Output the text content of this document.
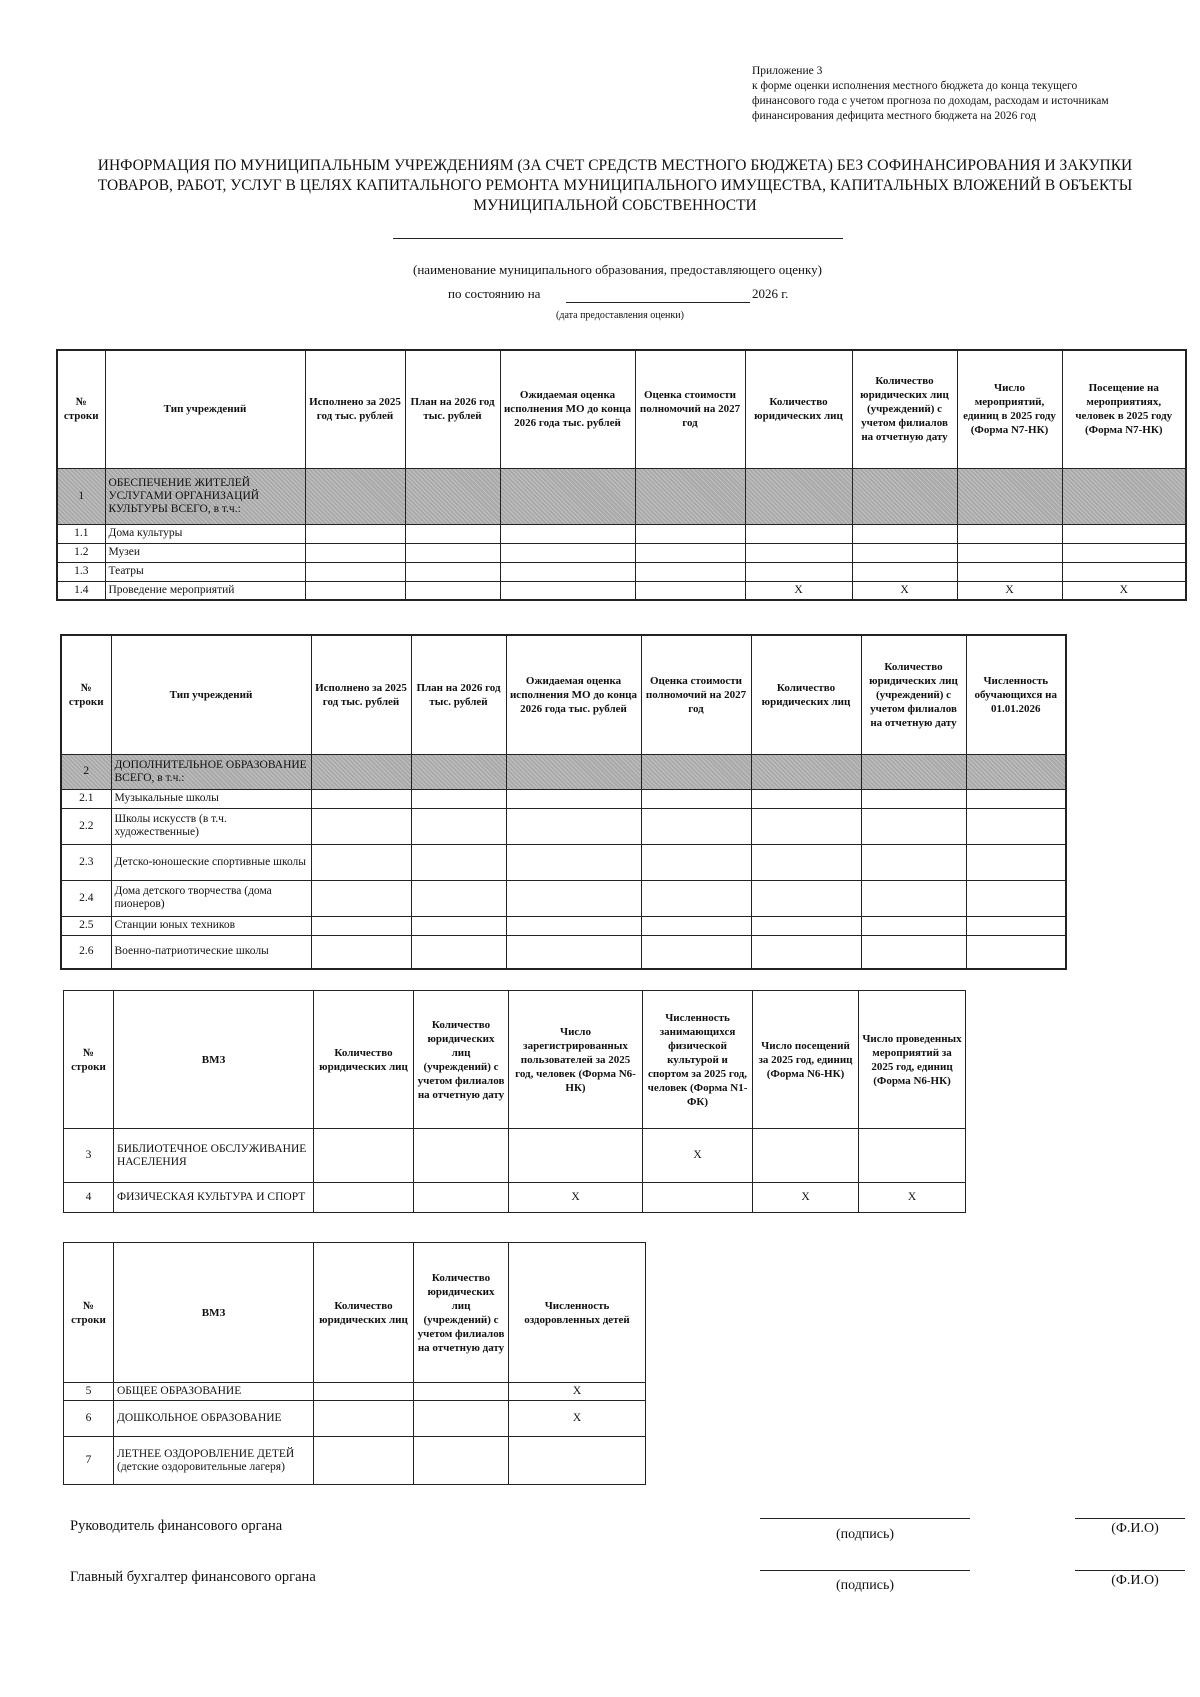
Приложение 3
к форме оценки исполнения местного бюджета до конца текущего
финансового года с учетом прогноза по доходам, расходам и источникам
финансирования дефицита местного бюджета на 2026 год
ИНФОРМАЦИЯ ПО МУНИЦИПАЛЬНЫМ УЧРЕЖДЕНИЯМ (ЗА СЧЕТ СРЕДСТВ МЕСТНОГО БЮДЖЕТА) БЕЗ СОФИНАНСИРОВАНИЯ И ЗАКУПКИ
ТОВАРОВ, РАБОТ, УСЛУГ В ЦЕЛЯХ КАПИТАЛЬНОГО РЕМОНТА МУНИЦИПАЛЬНОГО ИМУЩЕСТВА, КАПИТАЛЬНЫХ ВЛОЖЕНИЙ В ОБЪЕКТЫ
МУНИЦИПАЛЬНОЙ СОБСТВЕННОСТИ
(наименование муниципального образования, предоставляющего оценку)
по состоянию на	2026 г.
(дата предоставления оценки)
№ строки	Тип учреждений	Исполнено за 2025 год тыс. рублей	План на 2026 год тыс. рублей	Ожидаемая оценка исполнения МО до конца 2026 года тыс. рублей	Оценка стоимости полномочий на 2027 год	Количество юридических лиц	Количество юридических лиц (учреждений) с учетом филиалов на отчетную дату	Число мероприятий, единиц в 2025 году (Форма N7-НК)	Посещение на мероприятиях, человек в 2025 году (Форма N7-НК)
1	ОБЕСПЕЧЕНИЕ ЖИТЕЛЕЙ УСЛУГАМИ ОРГАНИЗАЦИЙ КУЛЬТУРЫ ВСЕГО, в т.ч.:								
1.1	Дома культуры								
1.2	Музеи								
1.3	Театры								
1.4	Проведение мероприятий					X	X	X	X
№ строки	Тип учреждений	Исполнено за 2025 год тыс. рублей	План на 2026 год тыс. рублей	Ожидаемая оценка исполнения МО до конца 2026 года тыс. рублей	Оценка стоимости полномочий на 2027 год	Количество юридических лиц	Количество юридических лиц (учреждений) с учетом филиалов на отчетную дату	Численность обучающихся на 01.01.2026
2	ДОПОЛНИТЕЛЬНОЕ ОБРАЗОВАНИЕ ВСЕГО, в т.ч.:							
2.1	Музыкальные школы							
2.2	Школы искусств (в т.ч. художественные)							
2.3	Детско-юношеские спортивные школы							
2.4	Дома детского творчества (дома пионеров)							
2.5	Станции юных техников							
2.6	Военно-патриотические школы							
№ строки	ВМЗ	Количество юридических лиц	Количество юридических лиц (учреждений) с учетом филиалов на отчетную дату	Число зарегистрированных пользователей за 2025 год, человек (Форма N6-НК)	Численность занимающихся физической культурой и спортом за 2025 год, человек (Форма N1-ФК)	Число посещений за 2025 год, единиц (Форма N6-НК)	Число проведенных мероприятий за 2025 год, единиц (Форма N6-НК)
3	БИБЛИОТЕЧНОЕ ОБСЛУЖИВАНИЕ НАСЕЛЕНИЯ				X		
4	ФИЗИЧЕСКАЯ КУЛЬТУРА И СПОРТ			X		X	X
№ строки	ВМЗ	Количество юридических лиц	Количество юридических лиц (учреждений) с учетом филиалов на отчетную дату	Численность оздоровленных детей
5	ОБЩЕЕ ОБРАЗОВАНИЕ			X
6	ДОШКОЛЬНОЕ ОБРАЗОВАНИЕ			X
7	ЛЕТНЕЕ ОЗДОРОВЛЕНИЕ ДЕТЕЙ (детские оздоровительные лагеря)			
Руководитель финансового органа
(подпись)	(Ф.И.О)
Главный бухгалтер финансового органа
(подпись)	(Ф.И.О)
